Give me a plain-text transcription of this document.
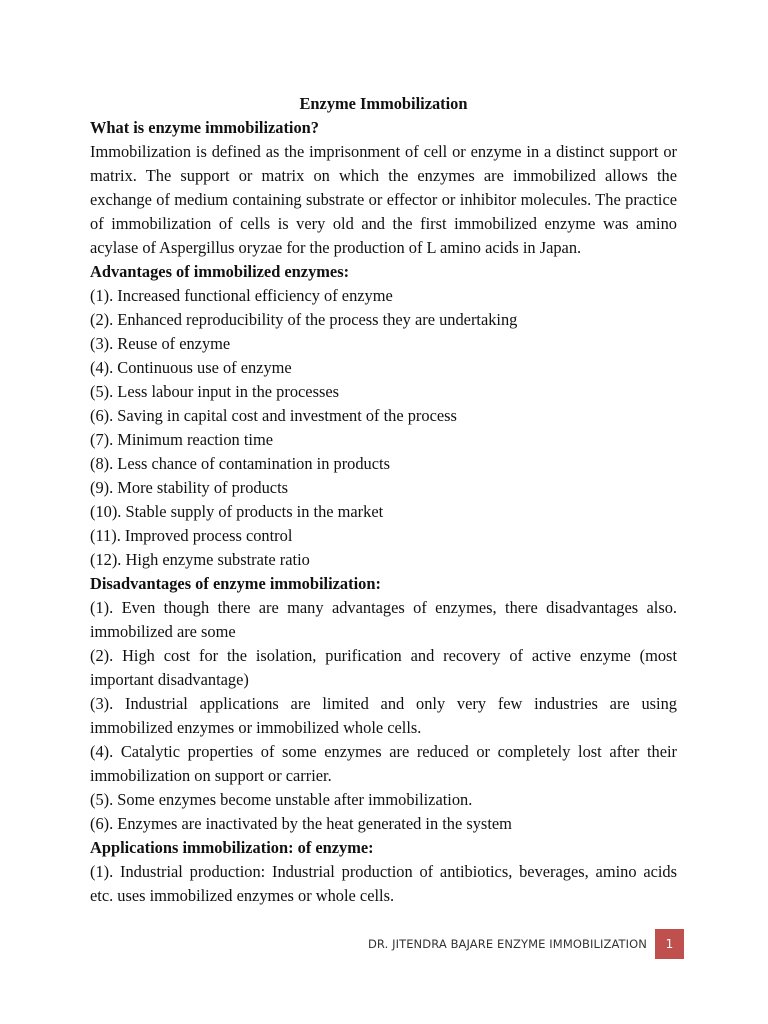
Enzyme Immobilization

What is enzyme immobilization?

Immobilization is defined as the imprisonment of cell or enzyme in a distinct support or matrix. The support or matrix on which the enzymes are immobilized allows the exchange of medium containing substrate or effector or inhibitor molecules. The practice of immobilization of cells is very old and the first immobilized enzyme was amino acylase of Aspergillus oryzae for the production of L amino acids in Japan.

Advantages of immobilized enzymes:

(1). Increased functional efficiency of enzyme
(2). Enhanced reproducibility of the process they are undertaking
(3). Reuse of enzyme
(4). Continuous use of enzyme
(5). Less labour input in the processes
(6). Saving in capital cost and investment of the process
(7). Minimum reaction time
(8). Less chance of contamination in products
(9). More stability of products
(10). Stable supply of products in the market
(11). Improved process control
(12). High enzyme substrate ratio

Disadvantages of enzyme immobilization:

(1). Even though there are many advantages of enzymes, there disadvantages also. immobilized are some
(2). High cost for the isolation, purification and recovery of active enzyme (most important disadvantage)
(3). Industrial applications are limited and only very few industries are using immobilized enzymes or immobilized whole cells.
(4). Catalytic properties of some enzymes are reduced or completely lost after their immobilization on support or carrier.
(5). Some enzymes become unstable after immobilization.
(6). Enzymes are inactivated by the heat generated in the system

Applications immobilization: of enzyme:

(1). Industrial production: Industrial production of antibiotics, beverages, amino acids etc. uses immobilized enzymes or whole cells.
DR. JITENDRA BAJARE ENZYME IMMOBILIZATION	1
